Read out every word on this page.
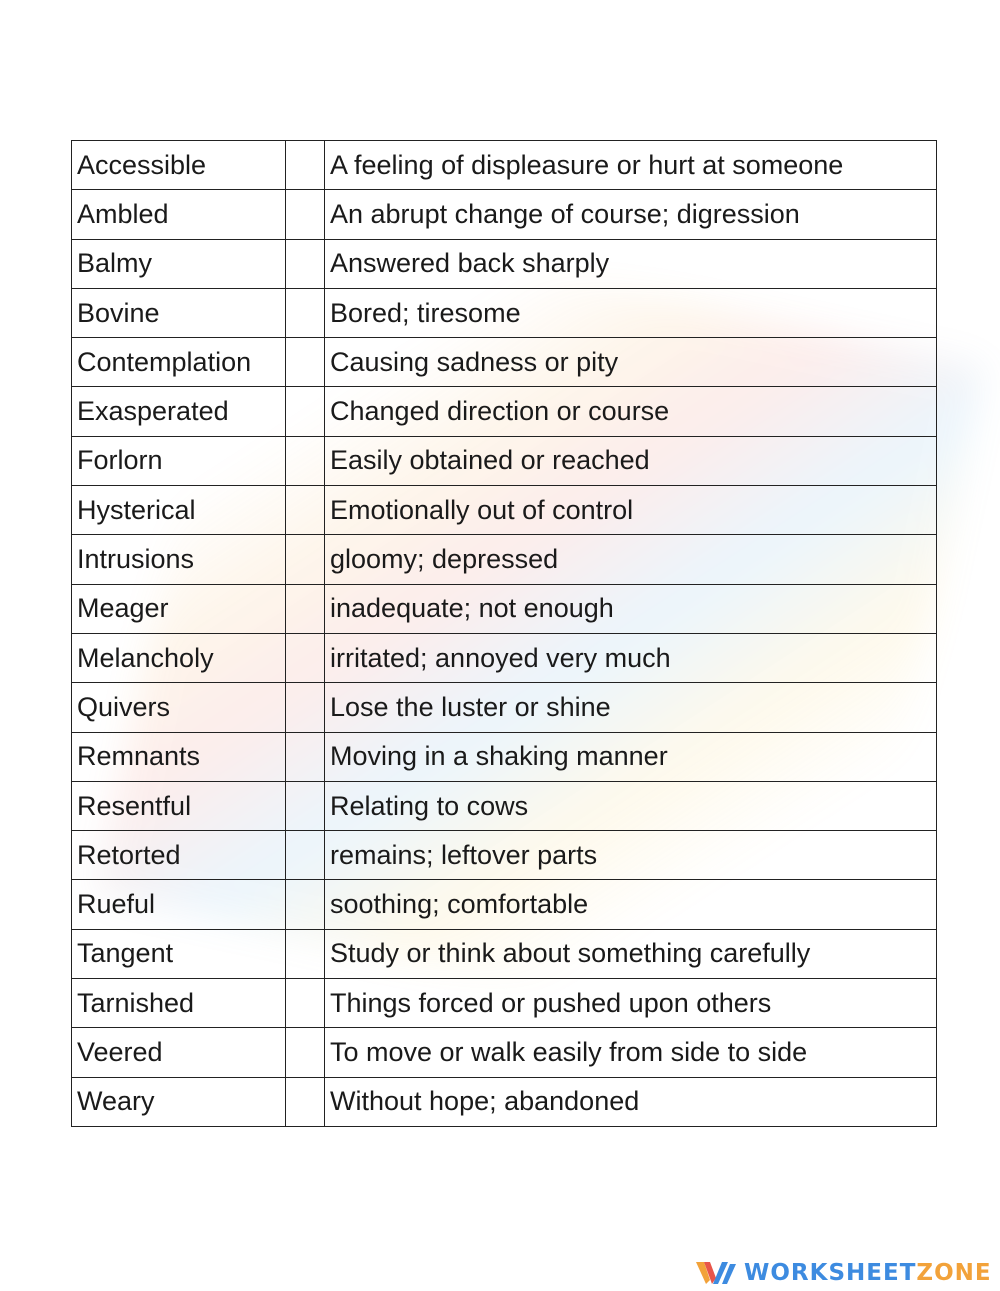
Accessible		A feeling of displeasure or hurt at someone
Ambled		An abrupt change of course; digression
Balmy		Answered back sharply
Bovine		Bored; tiresome
Contemplation		Causing sadness or pity
Exasperated		Changed direction or course
Forlorn		Easily obtained or reached
Hysterical		Emotionally out of control
Intrusions		gloomy; depressed
Meager		inadequate; not enough
Melancholy		irritated; annoyed very much
Quivers		Lose the luster or shine
Remnants		Moving in a shaking manner
Resentful		Relating to cows
Retorted		remains; leftover parts
Rueful		soothing; comfortable
Tangent		Study or think about something carefully
Tarnished		Things forced or pushed upon others
Veered		To move or walk easily from side to side
Weary		Without hope; abandoned
WORKSHEETZONE
